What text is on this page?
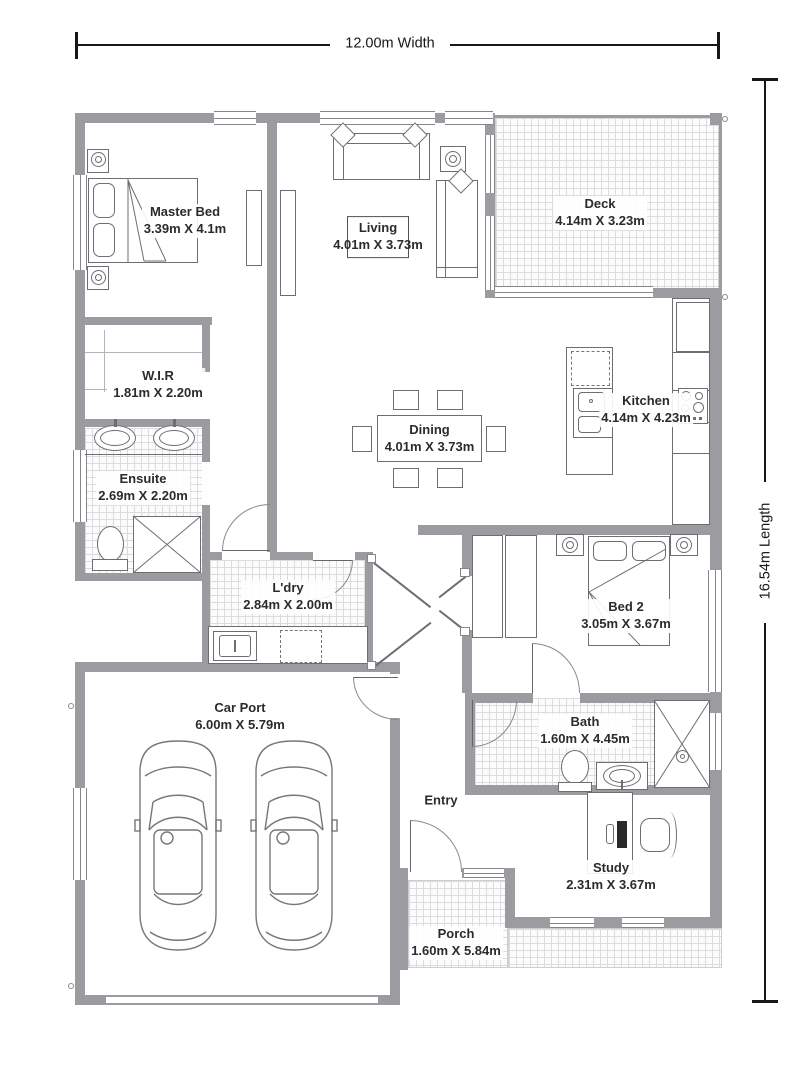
Dining
4.01m X 3.73m
Master Bed
3.39m X 4.1m	Living
4.01m X 3.73m
Deck
4.14m X 3.23m
W.I.R
1.81m X 2.20m
Ensuite
2.69m X 2.20m
Kitchen
4.14m X 4.23m
L'dry
2.84m X 2.00m	Bed 2
3.05m X 3.67m
Car Port
6.00m X 5.79m	Bath
1.60m X 4.45m
Entry
Study
2.31m X 3.67m
Porch
1.60m X 5.84m
12.00m Width
16.54m Length
